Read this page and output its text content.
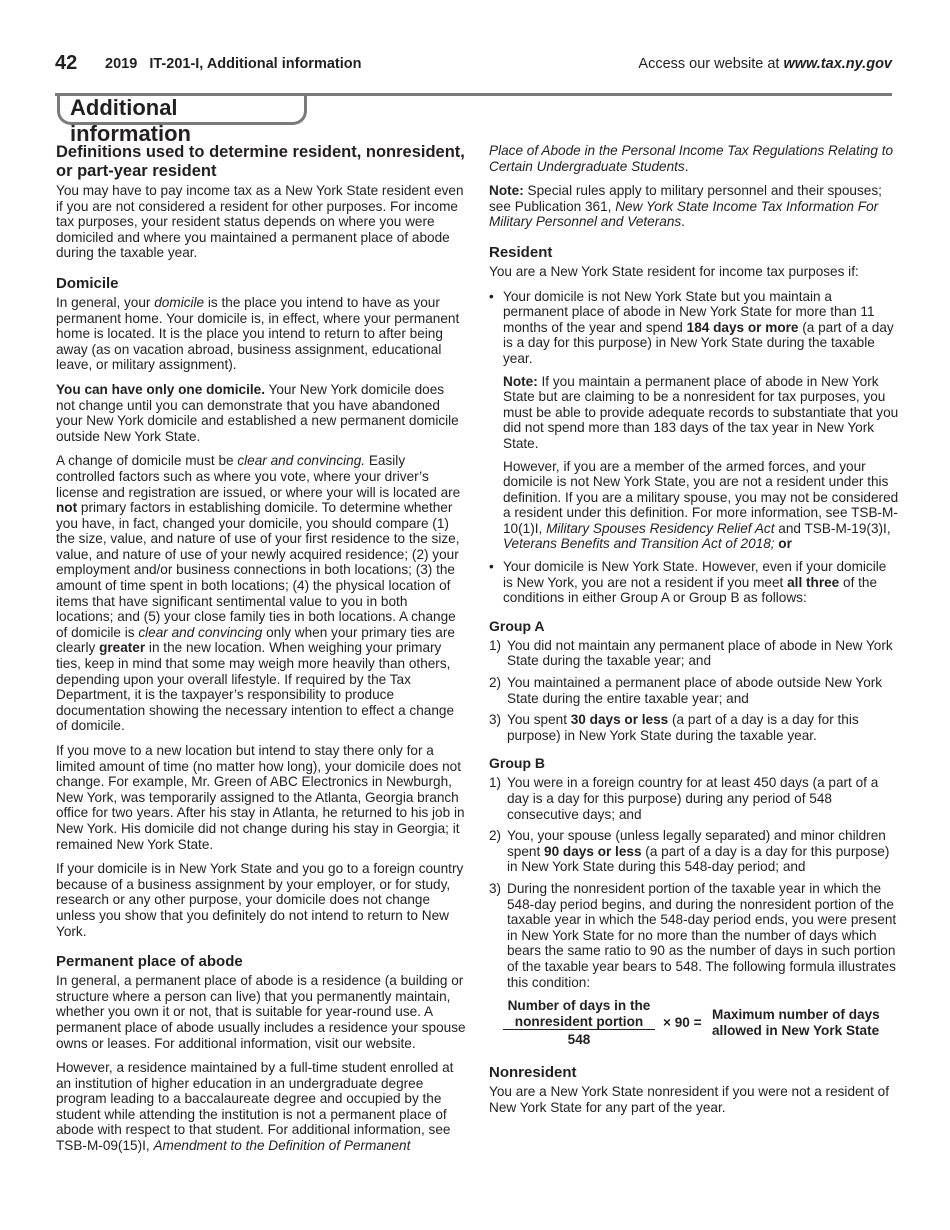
42 2019   IT-201-I, Additional information	Access our website at www.tax.ny.gov
Additional information
Definitions used to determine resident, nonresident, or part-year resident

You may have to pay income tax as a New York State resident even if you are not considered a resident for other purposes. For income tax purposes, your resident status depends on where you were domiciled and where you maintained a permanent place of abode during the taxable year.

Domicile

In general, your domicile is the place you intend to have as your permanent home. Your domicile is, in effect, where your permanent home is located. It is the place you intend to return to after being away (as on vacation abroad, business assignment, educational leave, or military assignment).

You can have only one domicile. Your New York domicile does not change until you can demonstrate that you have abandoned your New York domicile and established a new permanent domicile outside New York State.

A change of domicile must be clear and convincing. Easily controlled factors such as where you vote, where your driver’s license and registration are issued, or where your will is located are not primary factors in establishing domicile. To determine whether you have, in fact, changed your domicile, you should compare (1) the size, value, and nature of use of your first residence to the size, value, and nature of use of your newly acquired residence; (2) your employment and/or business connections in both locations; (3) the amount of time spent in both locations; (4) the physical location of items that have significant sentimental value to you in both locations; and (5) your close family ties in both locations. A change of domicile is clear and convincing only when your primary ties are clearly greater in the new location. When weighing your primary ties, keep in mind that some may weigh more heavily than others, depending upon your overall lifestyle. If required by the Tax Department, it is the taxpayer’s responsibility to produce documentation showing the necessary intention to effect a change of domicile.

If you move to a new location but intend to stay there only for a limited amount of time (no matter how long), your domicile does not change. For example, Mr. Green of ABC Electronics in Newburgh, New York, was temporarily assigned to the Atlanta, Georgia branch office for two years. After his stay in Atlanta, he returned to his job in New York. His domicile did not change during his stay in Georgia; it remained New York State.

If your domicile is in New York State and you go to a foreign country because of a business assignment by your employer, or for study, research or any other purpose, your domicile does not change unless you show that you definitely do not intend to return to New York.

Permanent place of abode

In general, a permanent place of abode is a residence (a building or structure where a person can live) that you permanently maintain, whether you own it or not, that is suitable for year-round use. A permanent place of abode usually includes a residence your spouse owns or leases. For additional information, visit our website.

However, a residence maintained by a full-time student enrolled at an institution of higher education in an undergraduate degree program leading to a baccalaureate degree and occupied by the student while attending the institution is not a permanent place of abode with respect to that student. For additional information, see TSB-M-09(15)I, Amendment to the Definition of Permanent

Place of Abode in the Personal Income Tax Regulations Relating to Certain Undergraduate Students.

Note: Special rules apply to military personnel and their spouses; see Publication 361, New York State Income Tax Information For Military Personnel and Veterans.

Resident

You are a New York State resident for income tax purposes if:

• Your domicile is not New York State but you maintain a permanent place of abode in New York State for more than 11 months of the year and spend 184 days or more (a part of a day is a day for this purpose) in New York State during the taxable year.
Note: If you maintain a permanent place of abode in New York State but are claiming to be a nonresident for tax purposes, you must be able to provide adequate records to substantiate that you did not spend more than 183 days of the tax year in New York State.
However, if you are a member of the armed forces, and your domicile is not New York State, you are not a resident under this definition. If you are a military spouse, you may not be considered a resident under this definition. For more information, see TSB-M-10(1)I, Military Spouses Residency Relief Act and TSB-M-19(3)I, Veterans Benefits and Transition Act of 2018; or
• Your domicile is New York State. However, even if your domicile is New York, you are not a resident if you meet all three of the conditions in either Group A or Group B as follows:
Group A
1) You did not maintain any permanent place of abode in New York State during the taxable year; and
2) You maintained a permanent place of abode outside New York State during the entire taxable year; and
3) You spent 30 days or less (a part of a day is a day for this purpose) in New York State during the taxable year.
Group B
1) You were in a foreign country for at least 450 days (a part of a day is a day for this purpose) during any period of 548 consecutive days; and
2) You, your spouse (unless legally separated) and minor children spent 90 days or less (a part of a day is a day for this purpose) in New York State during this 548-day period; and
3) During the nonresident portion of the taxable year in which the 548-day period begins, and during the nonresident portion of the taxable year in which the 548-day period ends, you were present in New York State for no more than the number of days which bears the same ratio to 90 as the number of days in such portion of the taxable year bears to 548. The following formula illustrates this condition:
Number of days in the nonresident portion
548
× 90 =
Maximum number of days allowed in New York State
Nonresident

You are a New York State nonresident if you were not a resident of New York State for any part of the year.
